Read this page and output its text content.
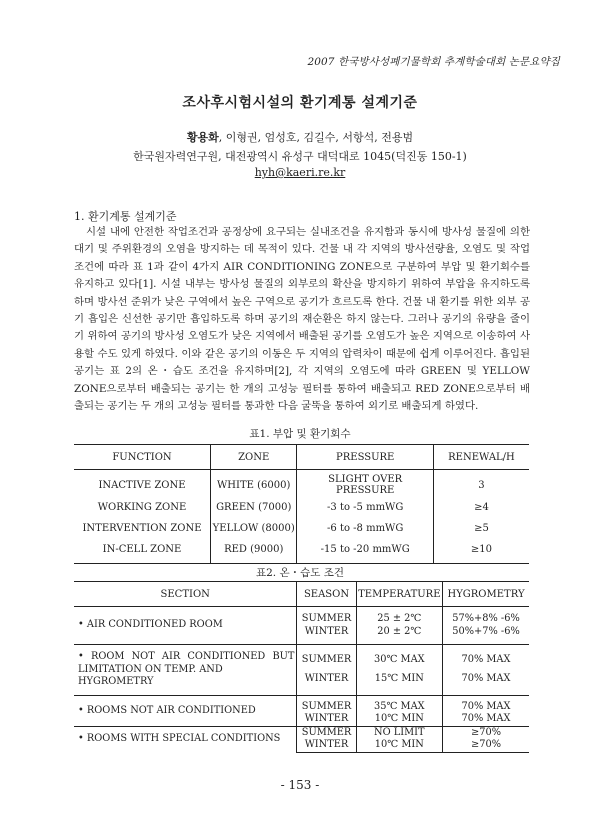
2007 한국방사성폐기물학회 추계학술대회 논문요약집
조사후시험시설의 환기계통 설계기준
황용화, 이형권, 엄성호, 김길수, 서항석, 전용범
한국원자력연구원, 대전광역시 유성구 대덕대로 1045(덕진동 150-1)
hyh@kaeri.re.kr
1. 환기계통 설계기준
시설 내에 안전한 작업조건과 공정상에 요구되는 실내조건을 유지함과 동시에 방사성 물질에 의한 대기 및 주위환경의 오염을 방지하는 데 목적이 있다. 건물 내 각 지역의 방사선량율, 오염도 및 작업조건에 따라 표 1과 같이 4가지 AIR CONDITIONING ZONE으로 구분하여 부압 및 환기회수를 유지하고 있다[1]. 시설 내부는 방사성 물질의 외부로의 확산을 방지하기 위하여 부압을 유지하도록 하며 방사선 준위가 낮은 구역에서 높은 구역으로 공기가 흐르도록 한다. 건물 내 환기를 위한 외부 공기 흡입은 신선한 공기만 흡입하도록 하며 공기의 재순환은 하지 않는다. 그러나 공기의 유량을 줄이기 위하여 공기의 방사성 오염도가 낮은 지역에서 배출된 공기를 오염도가 높은 지역으로 이송하여 사용할 수도 있게 하였다. 이와 같은 공기의 이동은 두 지역의 압력차이 때문에 쉽게 이루어진다. 흡입된 공기는 표 2의 온・습도 조건을 유지하며[2], 각 지역의 오염도에 따라 GREEN 및 YELLOW ZONE으로부터 배출되는 공기는 한 개의 고성능 필터를 통하여 배출되고 RED ZONE으로부터 배출되는 공기는 두 개의 고성능 필터를 통과한 다음 굴뚝을 통하여 외기로 배출되게 하였다.
표1. 부압 및 환기회수
FUNCTION	ZONE	PRESSURE	RENEWAL/H
INACTIVE ZONE	WHITE (6000)	SLIGHT OVER PRESSURE	3
WORKING ZONE	GREEN (7000)	-3 to -5 mmWG	≥4
INTERVENTION ZONE	YELLOW (8000)	-6 to -8 mmWG	≥5
IN-CELL ZONE	RED (9000)	-15 to -20 mmWG	≥10
표2. 온・습도 조건
SECTION	SEASON	TEMPERATURE	HYGROMETRY
• AIR CONDITIONED ROOM	SUMMER	25 ± 2℃	57%+8% -6%
	WINTER	20 ± 2℃	50%+7% -6%

• ROOM NOT AIR CONDITIONED BUT
LIMITATION ON TEMP. AND HYGROMETRY	SUMMER	30℃ MAX	70% MAX
	WINTER	15℃ MIN	70% MAX
• ROOMS NOT AIR CONDITIONED	SUMMER	35℃ MAX	70% MAX
	WINTER	10℃ MIN	70% MAX
• ROOMS WITH SPECIAL CONDITIONS	SUMMER	NO LIMIT	≥70%
	WINTER	10℃ MIN	≥70%
- 153 -
